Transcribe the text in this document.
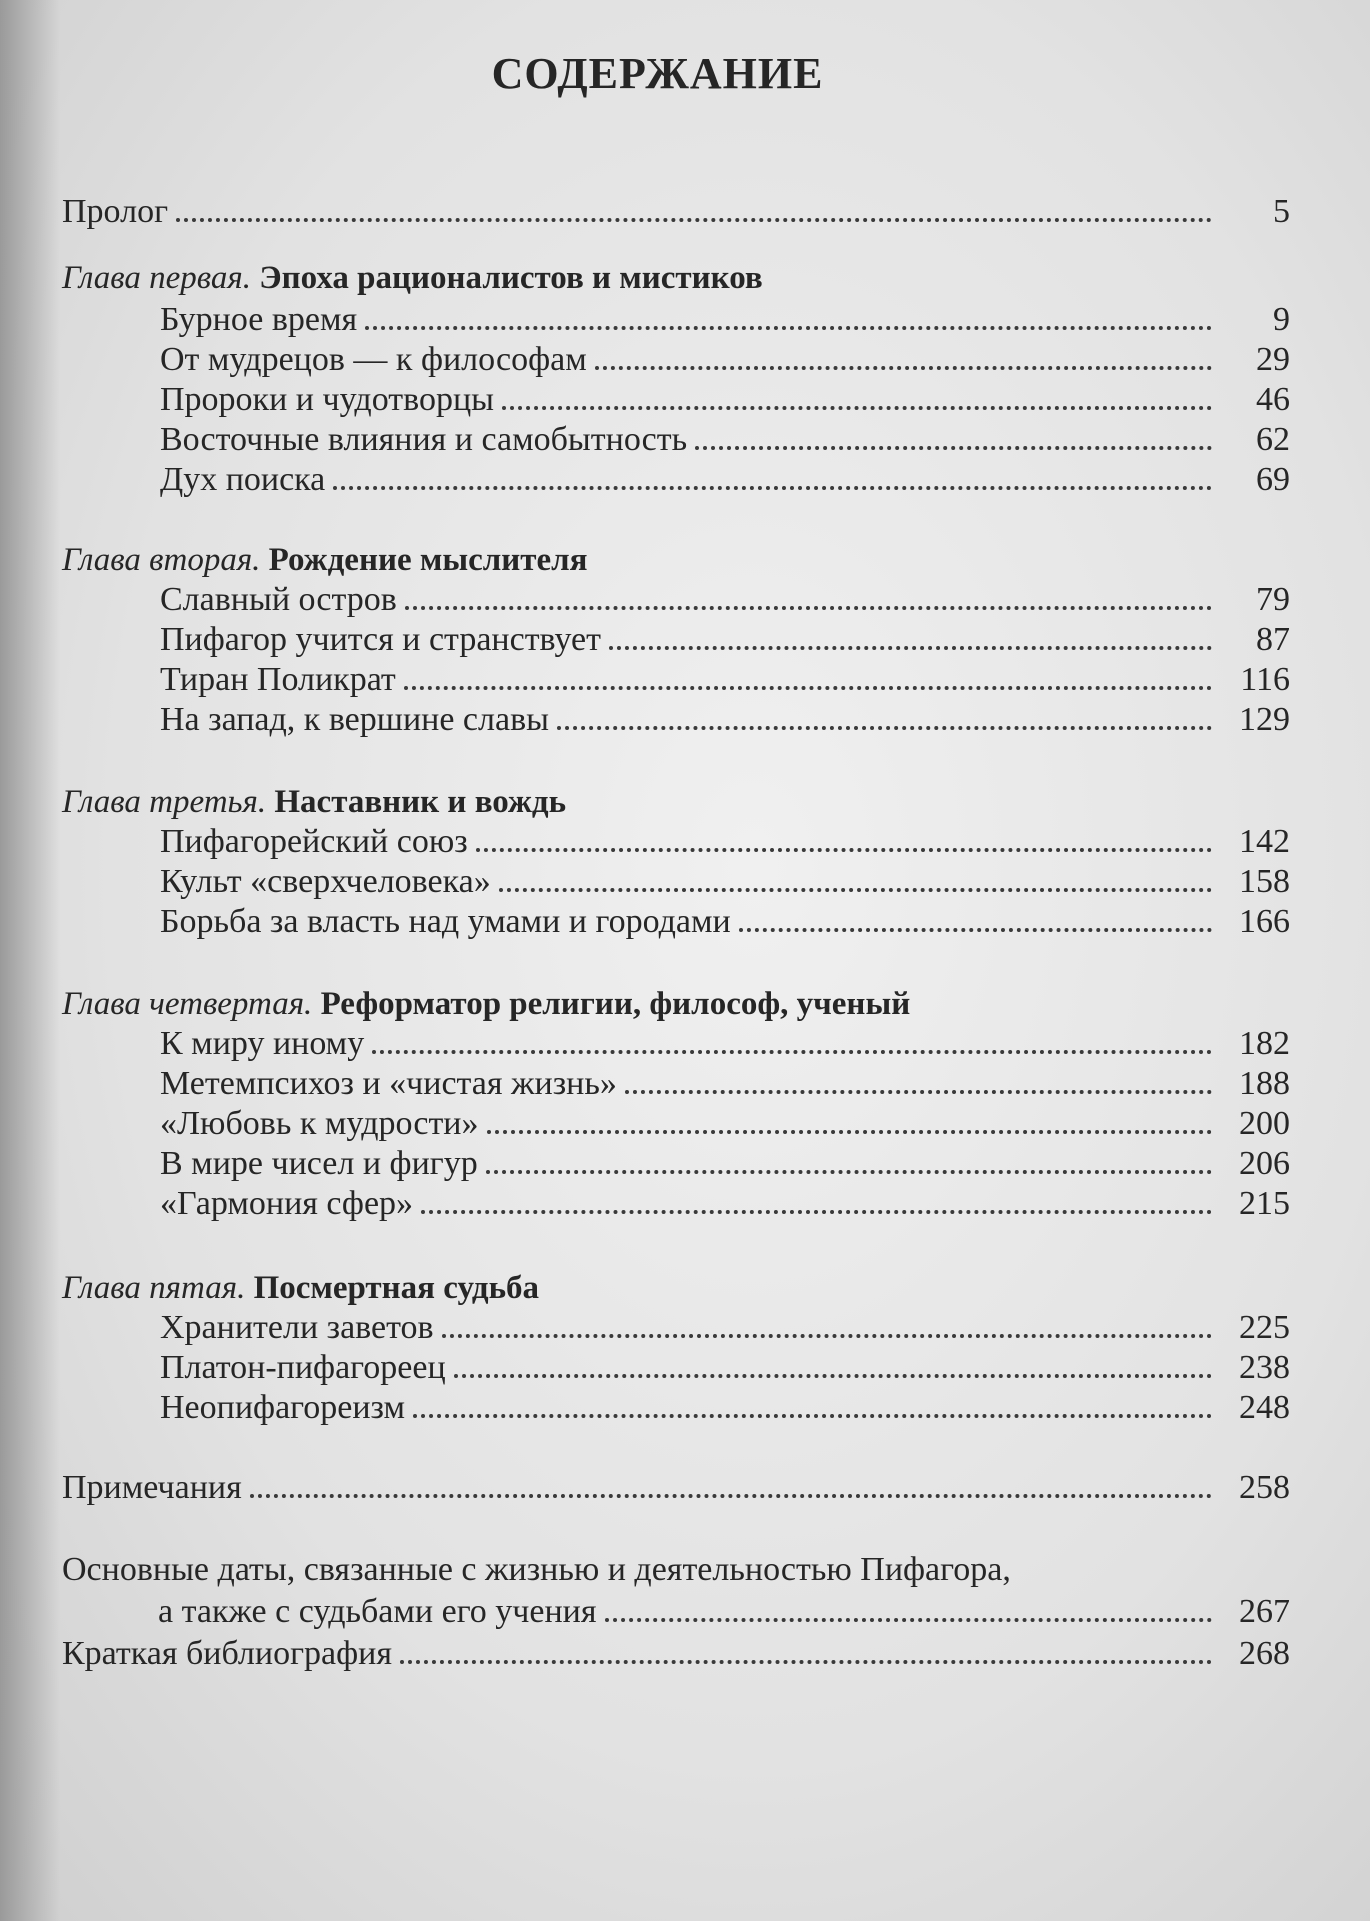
СОДЕРЖАНИЕ
Пролог	5
Глава первая. Эпоха рационалистов и мистиков
Бурное время	9
От мудрецов — к философам	29
Пророки и чудотворцы	46
Восточные влияния и самобытность	62
Дух поиска	69
Глава вторая. Рождение мыслителя
Славный остров	79
Пифагор учится и странствует	87
Тиран Поликрат	116
На запад, к вершине славы	129
Глава третья. Наставник и вождь
Пифагорейский союз	142
Культ «сверхчеловека»	158
Борьба за власть над умами и городами	166
Глава четвертая. Реформатор религии, философ, ученый
К миру иному	182
Метемпсихоз и «чистая жизнь»	188
«Любовь к мудрости»	200
В мире чисел и фигур	206
«Гармония сфер»	215
Глава пятая. Посмертная судьба
Хранители заветов	225
Платон-пифагореец	238
Неопифагореизм	248
Примечания	258
Основные даты, связанные с жизнью и деятельностью Пифагора,
а также с судьбами его учения	267
Краткая библиография	268
